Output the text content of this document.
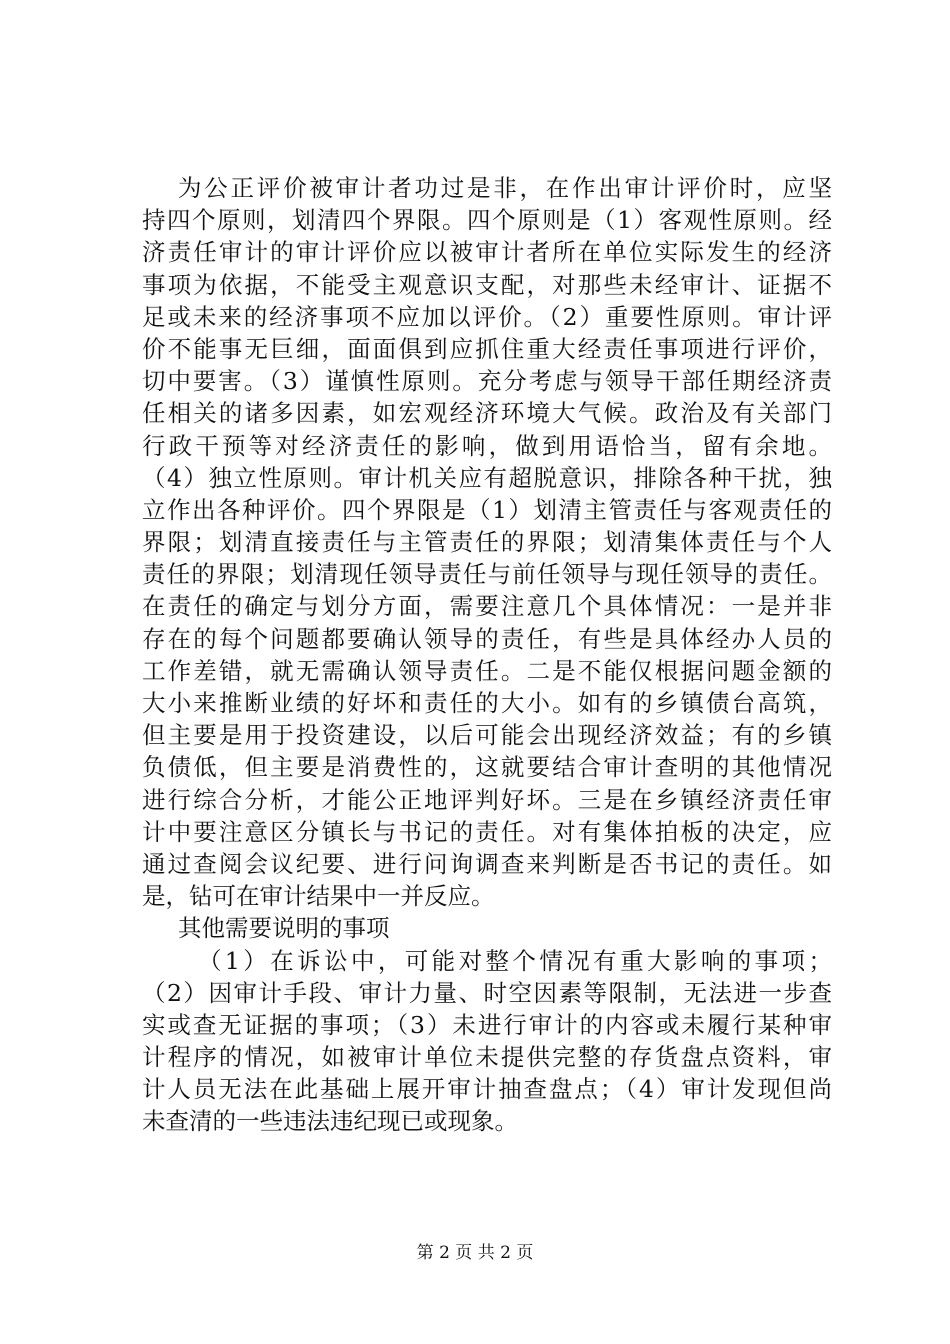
为公正评价被审计者功过是非，在作出审计评价时，应坚
持四个原则，划清四个界限。四个原则是（1）客观性原则。经
济责任审计的审计评价应以被审计者所在单位实际发生的经济
事项为依据，不能受主观意识支配，对那些未经审计、证据不
足或未来的经济事项不应加以评价。（2）重要性原则。审计评
价不能事无巨细，面面俱到应抓住重大经责任事项进行评价，
切中要害。（3）谨慎性原则。充分考虑与领导干部任期经济责
任相关的诸多因素，如宏观经济环境大气候。政治及有关部门
行政干预等对经济责任的影响，做到用语恰当，留有余地。
（4）独立性原则。审计机关应有超脱意识，排除各种干扰，独
立作出各种评价。四个界限是（1）划清主管责任与客观责任的
界限；划清直接责任与主管责任的界限；划清集体责任与个人
责任的界限；划清现任领导责任与前任领导与现任领导的责任。
在责任的确定与划分方面，需要注意几个具体情况：一是并非
存在的每个问题都要确认领导的责任，有些是具体经办人员的
工作差错，就无需确认领导责任。二是不能仅根据问题金额的
大小来推断业绩的好坏和责任的大小。如有的乡镇债台高筑，
但主要是用于投资建设，以后可能会出现经济效益；有的乡镇
负债低，但主要是消费性的，这就要结合审计查明的其他情况
进行综合分析，才能公正地评判好坏。三是在乡镇经济责任审
计中要注意区分镇长与书记的责任。对有集体拍板的决定，应
通过查阅会议纪要、进行问询调查来判断是否书记的责任。如
是，钻可在审计结果中一并反应。
其他需要说明的事项
（1）在诉讼中，可能对整个情况有重大影响的事项；
（2）因审计手段、审计力量、时空因素等限制，无法进一步查
实或查无证据的事项；（3）未进行审计的内容或未履行某种审
计程序的情况，如被审计单位未提供完整的存货盘点资料，审
计人员无法在此基础上展开审计抽查盘点；（4）审计发现但尚
未查清的一些违法违纪现已或现象。
第 2 页 共 2 页
